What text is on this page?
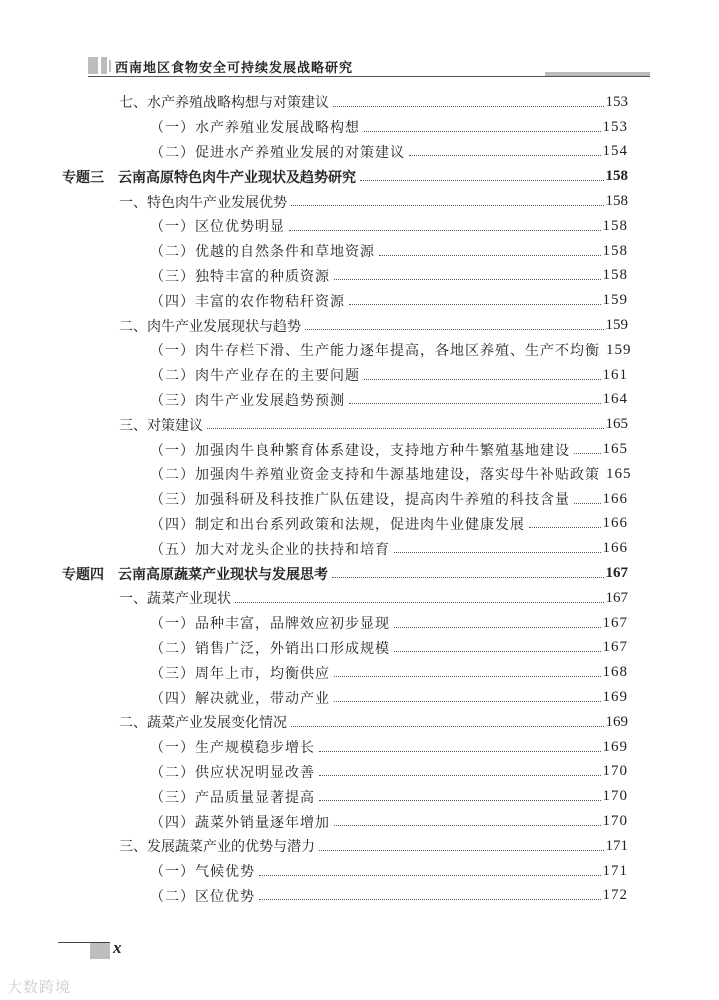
西南地区食物安全可持续发展战略研究
七、水产养殖战略构想与对策建议	153
（一）水产养殖业发展战略构想	153
（二）促进水产养殖业发展的对策建议	154
专题三　云南高原特色肉牛产业现状及趋势研究	158
一、特色肉牛产业发展优势	158
（一）区位优势明显	158
（二）优越的自然条件和草地资源	158
（三）独特丰富的种质资源	158
（四）丰富的农作物秸秆资源	159
二、肉牛产业发展现状与趋势	159
（一）肉牛存栏下滑、生产能力逐年提高，各地区养殖、生产不均衡 159
（二）肉牛产业存在的主要问题	161
（三）肉牛产业发展趋势预测	164
三、对策建议	165
（一）加强肉牛良种繁育体系建设，支持地方种牛繁殖基地建设 165
（二）加强肉牛养殖业资金支持和牛源基地建设，落实母牛补贴政策 165
（三）加强科研及科技推广队伍建设，提高肉牛养殖的科技含量 166
（四）制定和出台系列政策和法规，促进肉牛业健康发展	166
（五）加大对龙头企业的扶持和培育	166
专题四　云南高原蔬菜产业现状与发展思考	167
一、蔬菜产业现状	167
（一）品种丰富，品牌效应初步显现	167
（二）销售广泛，外销出口形成规模	167
（三）周年上市，均衡供应	168
（四）解决就业，带动产业	169
二、蔬菜产业发展变化情况	169
（一）生产规模稳步增长	169
（二）供应状况明显改善	170
（三）产品质量显著提高	170
（四）蔬菜外销量逐年增加	170
三、发展蔬菜产业的优势与潜力	171
（一）气候优势	171
（二）区位优势	172
x
大数跨境
